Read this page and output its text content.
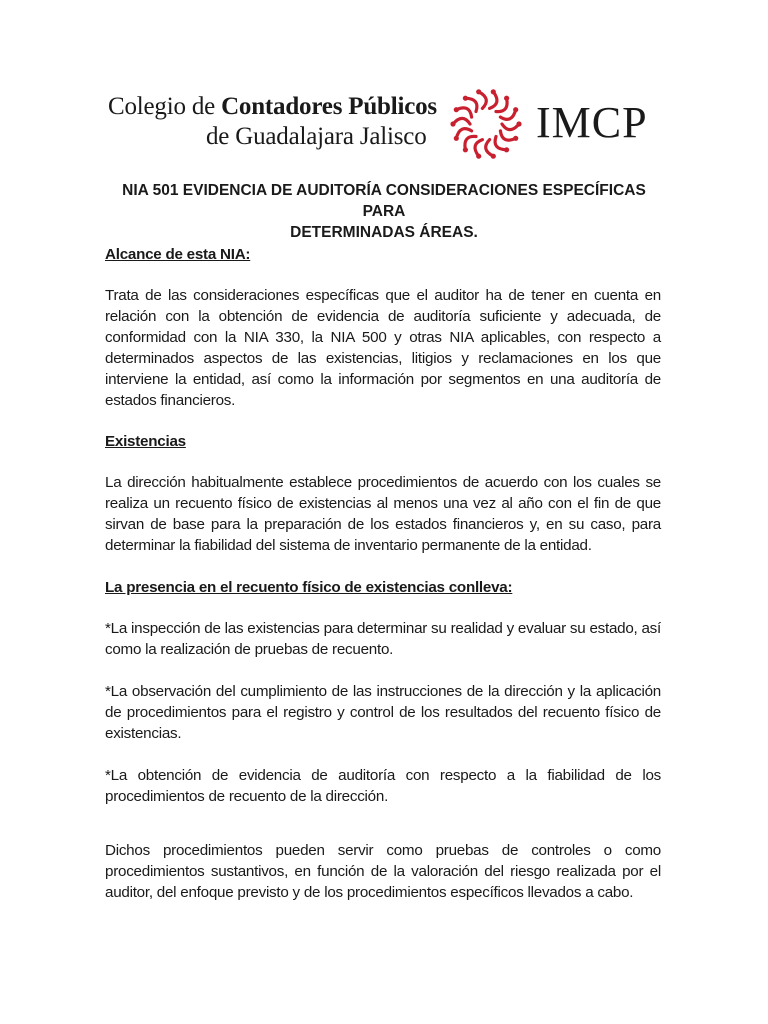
Colegio de Contadores Públicos
de Guadalajara Jalisco	IMCP
NIA 501 EVIDENCIA DE AUDITORÍA CONSIDERACIONES ESPECÍFICAS PARA
DETERMINADAS ÁREAS.

Alcance de esta NIA:

Trata de las consideraciones específicas que el auditor ha de tener en cuenta en relación con la obtención de evidencia de auditoría suficiente y adecuada, de conformidad con la NIA 330, la NIA 500 y otras NIA aplicables, con respecto a determinados aspectos de las existencias, litigios y reclamaciones en los que interviene la entidad, así como la información por segmentos en una auditoría de estados financieros.

Existencias

La dirección habitualmente establece procedimientos de acuerdo con los cuales se realiza un recuento físico de existencias al menos una vez al año con el fin de que sirvan de base para la preparación de los estados financieros y, en su caso, para determinar la fiabilidad del sistema de inventario permanente de la entidad.

La presencia en el recuento físico de existencias conlleva:

*La inspección de las existencias para determinar su realidad y evaluar su estado, así como la realización de pruebas de recuento.

*La observación del cumplimiento de las instrucciones de la dirección y la aplicación de procedimientos para el registro y control de los resultados del recuento físico de existencias.

*La obtención de evidencia de auditoría con respecto a la fiabilidad de los procedimientos de recuento de la dirección.

Dichos procedimientos pueden servir como pruebas de controles o como procedimientos sustantivos, en función de la valoración del riesgo realizada por el auditor, del enfoque previsto y de los procedimientos específicos llevados a cabo.
